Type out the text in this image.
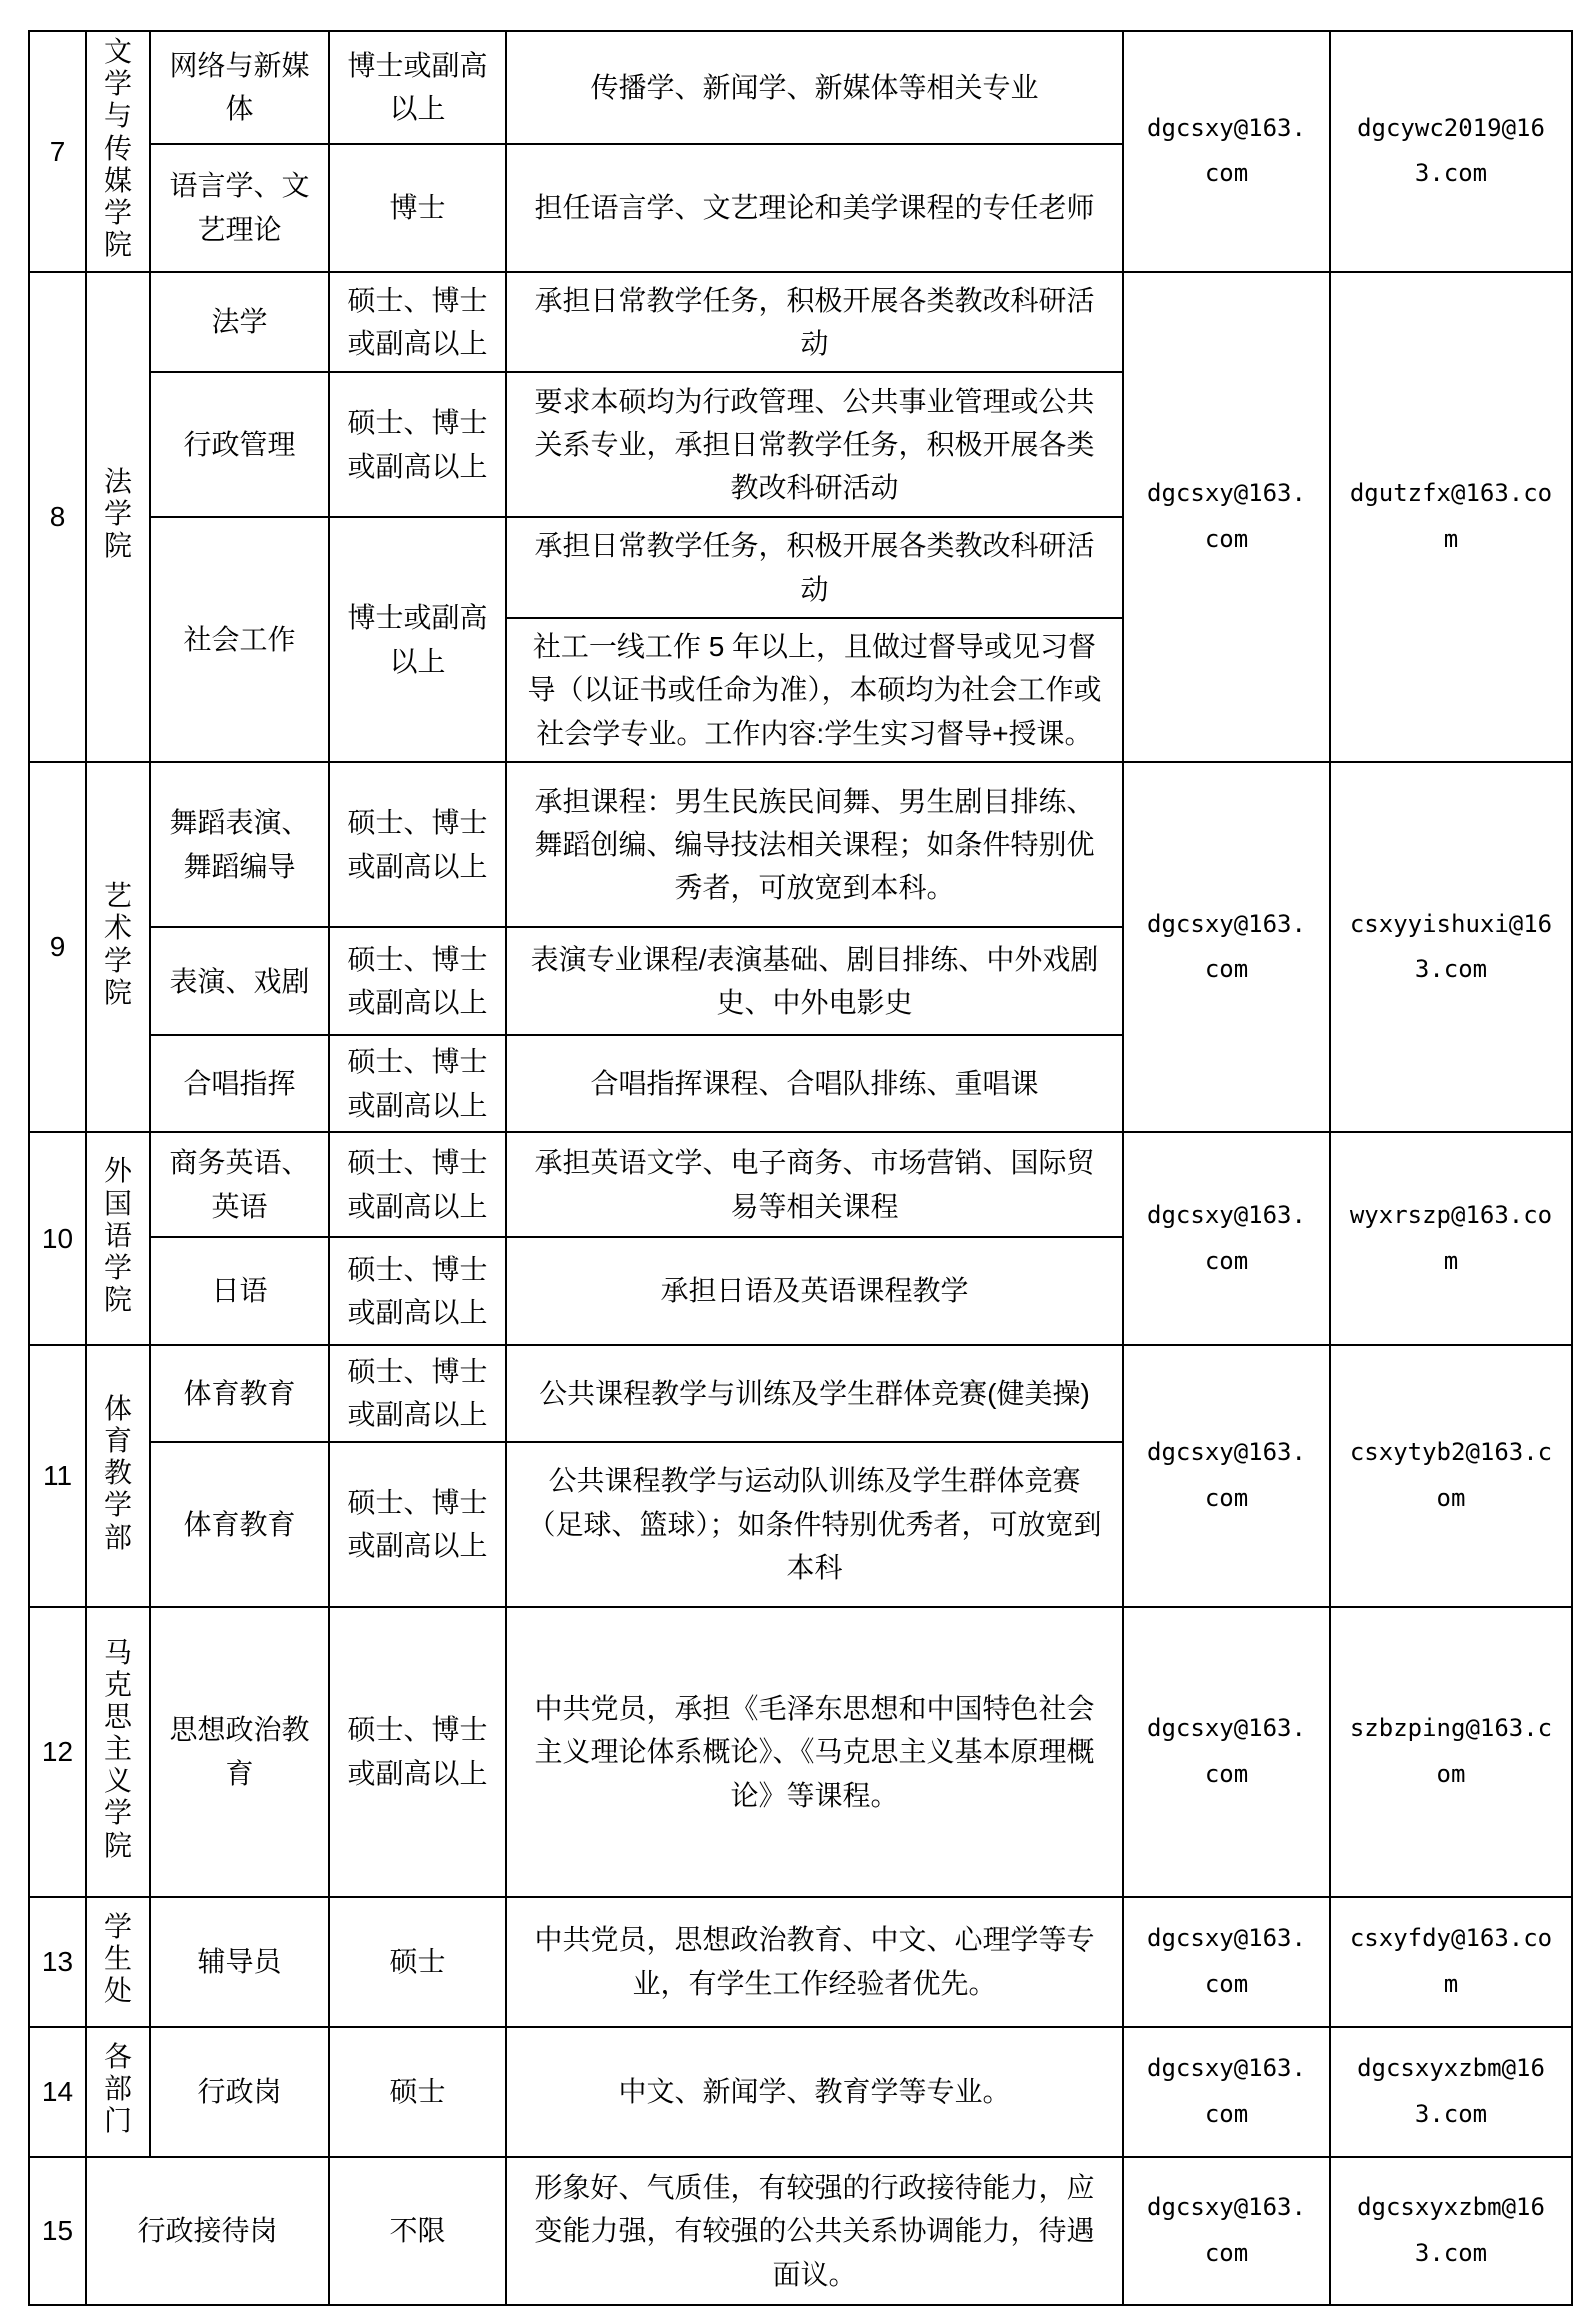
7	文学与传媒学院	网络与新媒体	博士或副高以上	传播学、新闻学、新媒体等相关专业	dgcsxy@163.com	dgcywc2019@163.com
		语言学、文艺理论	博士	担任语言学、文艺理论和美学课程的专任老师		
8	法学院	法学	硕士、博士或副高以上	承担日常教学任务，积极开展各类教改科研活动	dgcsxy@163.com	dgutzfx@163.com
		行政管理	硕士、博士或副高以上	要求本硕均为行政管理、公共事业管理或公共关系专业，承担日常教学任务，积极开展各类教改科研活动		
		社会工作	博士或副高以上	承担日常教学任务，积极开展各类教改科研活动		
				社工一线工作 5 年以上，且做过督导或见习督导（以证书或任命为准），本硕均为社会工作或社会学专业。工作内容:学生实习督导+授课。		
9	艺术学院	舞蹈表演、舞蹈编导	硕士、博士或副高以上	承担课程：男生民族民间舞、男生剧目排练、舞蹈创编、编导技法相关课程；如条件特别优秀者，可放宽到本科。	dgcsxy@163.com	csxyyishuxi@163.com
		表演、戏剧	硕士、博士或副高以上	表演专业课程/表演基础、剧目排练、中外戏剧史、中外电影史		
		合唱指挥	硕士、博士或副高以上	合唱指挥课程、合唱队排练、重唱课		
10	外国语学院	商务英语、英语	硕士、博士或副高以上	承担英语文学、电子商务、市场营销、国际贸易等相关课程	dgcsxy@163.com	wyxrszp@163.com
		日语	硕士、博士或副高以上	承担日语及英语课程教学		
11	体育教学部	体育教育	硕士、博士或副高以上	公共课程教学与训练及学生群体竞赛(健美操)	dgcsxy@163.com	csxytyb2@163.com
		体育教育	硕士、博士或副高以上	公共课程教学与运动队训练及学生群体竞赛（足球、篮球）；如条件特别优秀者，可放宽到本科		
12	马克思主义学院	思想政治教育	硕士、博士或副高以上	中共党员，承担《毛泽东思想和中国特色社会主义理论体系概论》、《马克思主义基本原理概论》等课程。	dgcsxy@163.com	szbzping@163.com
13	学生处	辅导员	硕士	中共党员，思想政治教育、中文、心理学等专业，有学生工作经验者优先。	dgcsxy@163.com	csxyfdy@163.com
14	各部门	行政岗	硕士	中文、新闻学、教育学等专业。	dgcsxy@163.com	dgcsxyxzbm@163.com
15	行政接待岗		不限	形象好、气质佳，有较强的行政接待能力，应变能力强，有较强的公共关系协调能力，待遇面议。	dgcsxy@163.com	dgcsxyxzbm@163.com
